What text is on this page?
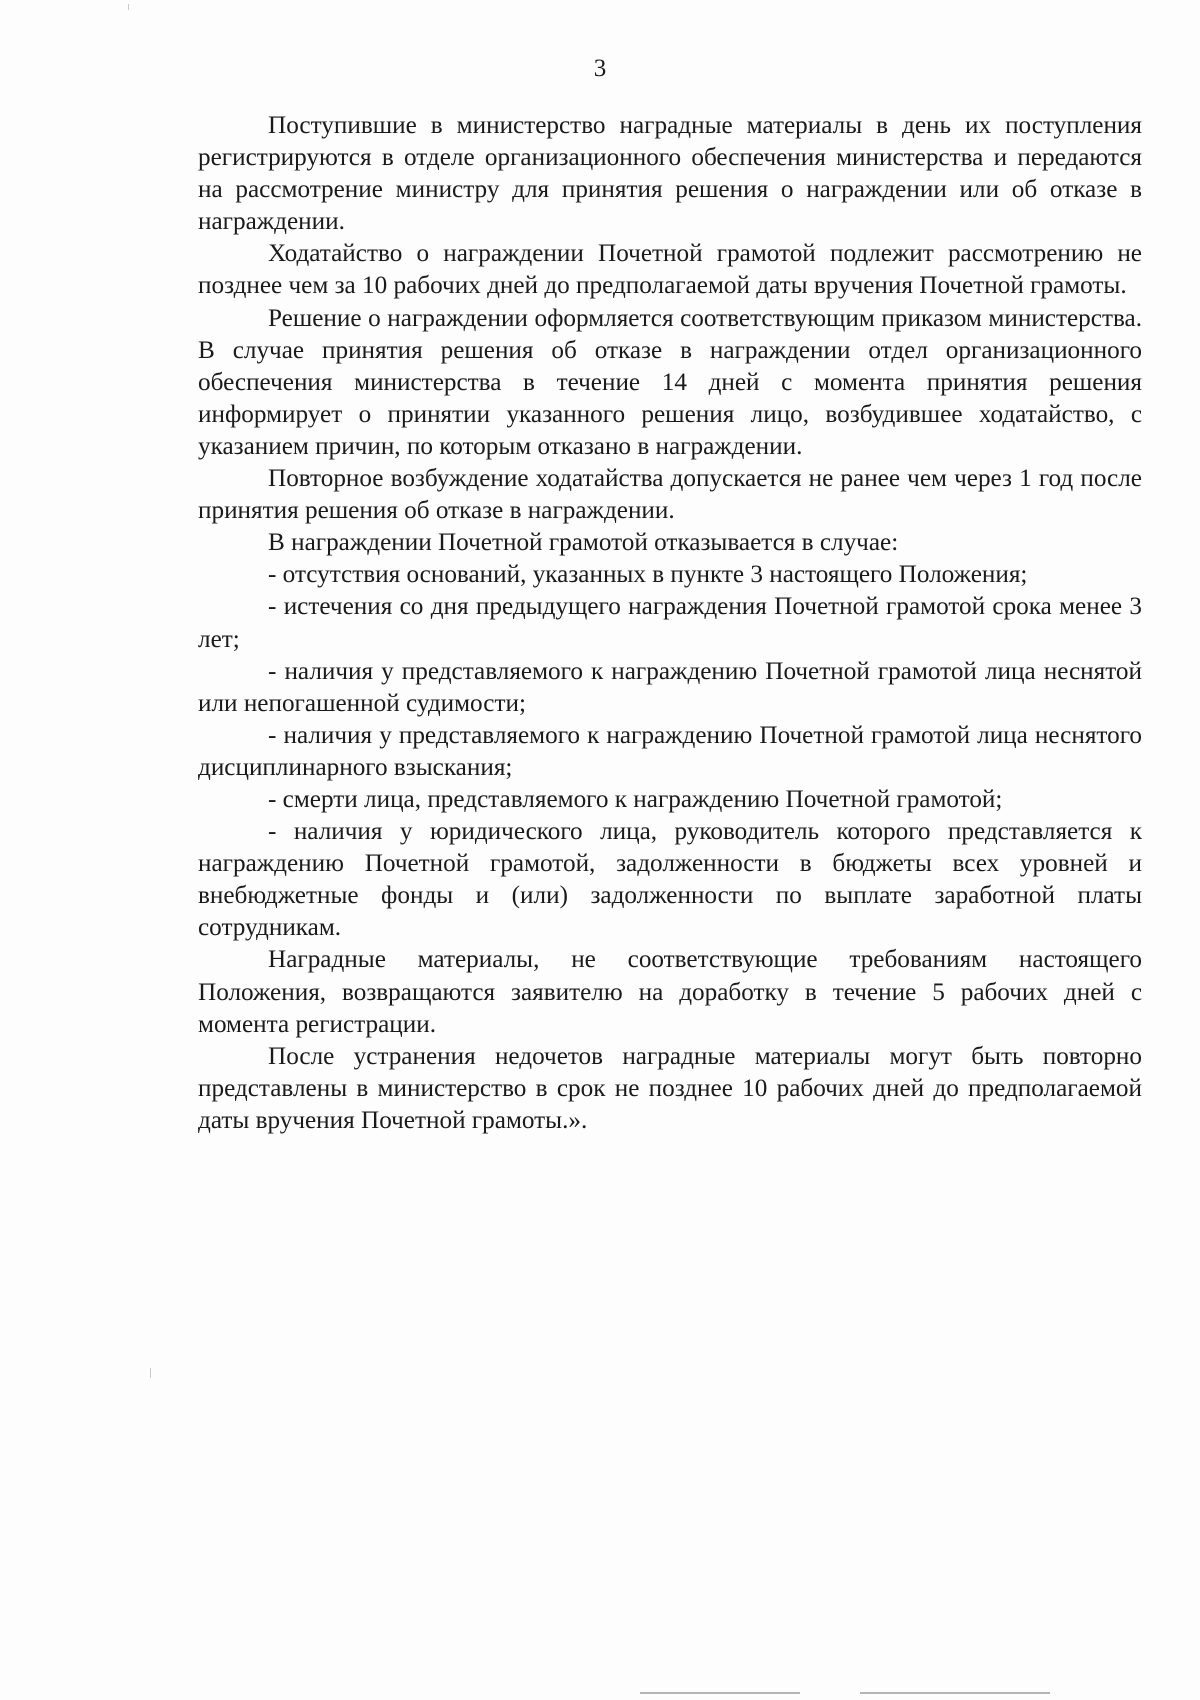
3

Поступившие в министерство наградные материалы в день их поступления регистрируются в отделе организационного обеспечения министерства и передаются на рассмотрение министру для принятия решения о награждении или об отказе в награждении.

Ходатайство о награждении Почетной грамотой подлежит рассмотрению не позднее чем за 10 рабочих дней до предполагаемой даты вручения Почетной грамоты.

Решение о награждении оформляется соответствующим приказом министерства. В случае принятия решения об отказе в награждении отдел организационного обеспечения министерства в течение 14 дней с момента принятия решения информирует о принятии указанного решения лицо, возбудившее ходатайство, с указанием причин, по которым отказано в награждении.

Повторное возбуждение ходатайства допускается не ранее чем через 1 год после принятия решения об отказе в награждении.

В награждении Почетной грамотой отказывается в случае:

- отсутствия оснований, указанных в пункте 3 настоящего Положения;

- истечения со дня предыдущего награждения Почетной грамотой срока менее 3 лет;

- наличия у представляемого к награждению Почетной грамотой лица неснятой или непогашенной судимости;

- наличия у представляемого к награждению Почетной грамотой лица неснятого дисциплинарного взыскания;

- смерти лица, представляемого к награждению Почетной грамотой;

- наличия у юридического лица, руководитель которого представляется к награждению Почетной грамотой, задолженности в бюджеты всех уровней и внебюджетные фонды и (или) задолженности по выплате заработной платы сотрудникам.

Наградные материалы, не соответствующие требованиям настоящего Положения, возвращаются заявителю на доработку в течение 5 рабочих дней с момента регистрации.

После устранения недочетов наградные материалы могут быть повторно представлены в министерство в срок не позднее 10 рабочих дней до предполагаемой даты вручения Почетной грамоты.».
